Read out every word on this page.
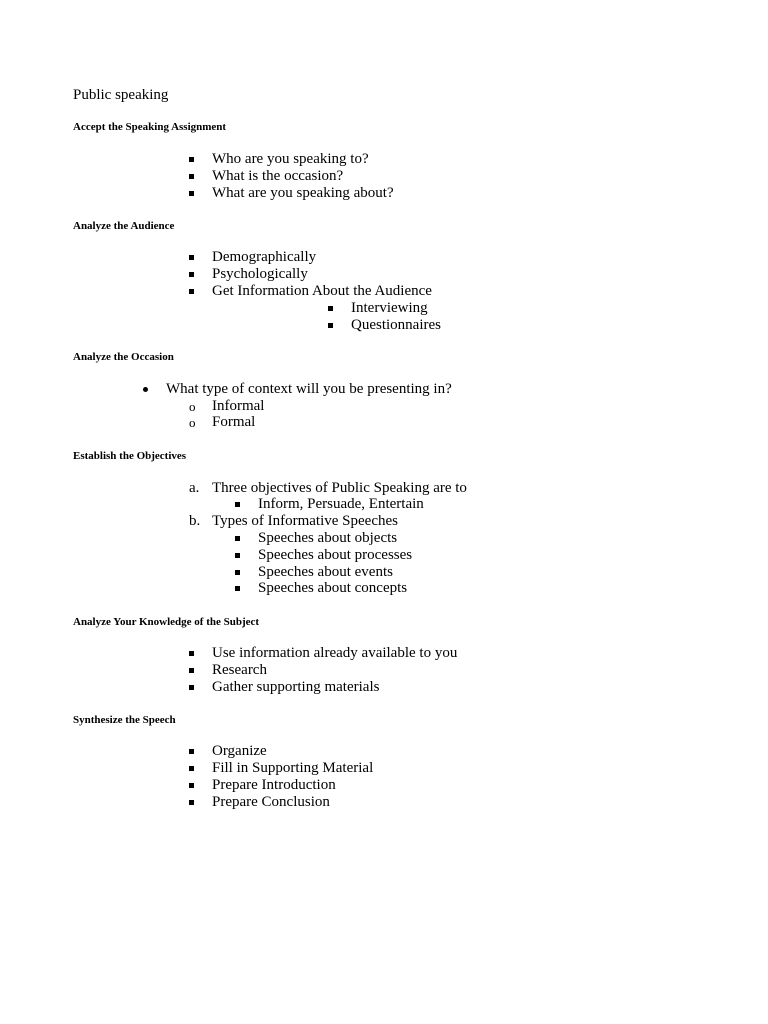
Public speaking
Accept the Speaking Assignment
Who are you speaking to?
What is the occasion?
What are you speaking about?
Analyze the Audience
Demographically
Psychologically
Get Information About the Audience
Interviewing
Questionnaires
Analyze the Occasion
What type of context will you be presenting in?
o Informal
o Formal
Establish the Objectives
a. Three objectives of Public Speaking are to
Inform, Persuade, Entertain
b. Types of Informative Speeches
Speeches about objects
Speeches about processes
Speeches about events
Speeches about concepts
Analyze Your Knowledge of the Subject
Use information already available to you
Research
Gather supporting materials
Synthesize the Speech
Organize
Fill in Supporting Material
Prepare Introduction
Prepare Conclusion
